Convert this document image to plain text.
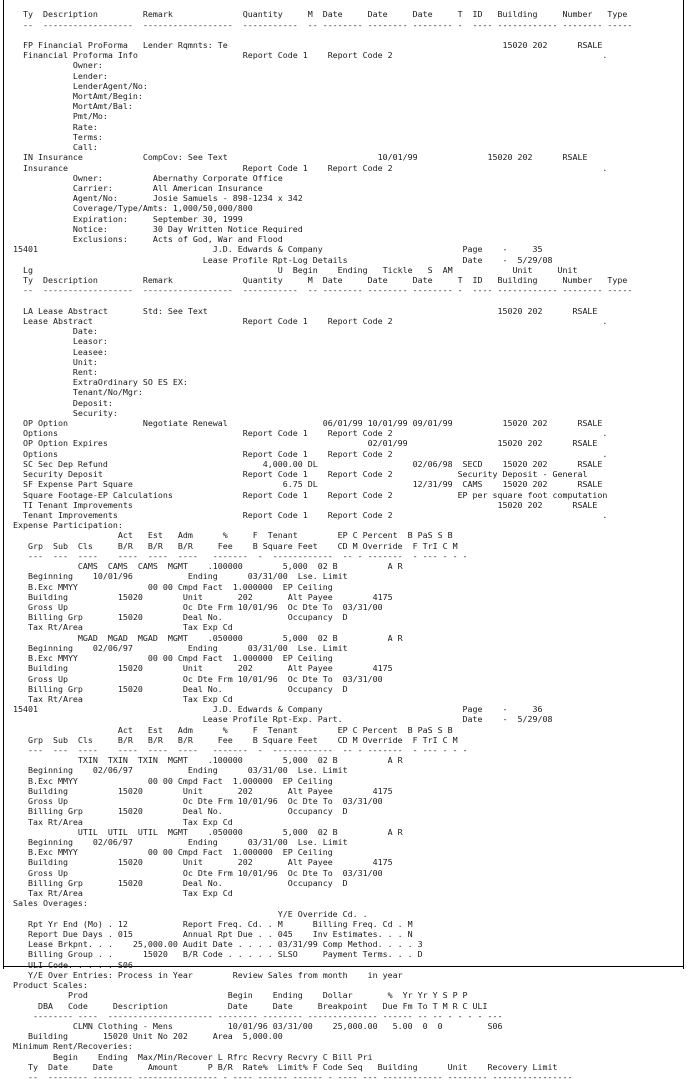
Ty  Description         Remark              Quantity     M  Date     Date     Date     T  ID   Building     Number   Type
--  ------------------  ------------------  -----------  -- -------- -------- -------- -  ---- ------------ -------- -----

FP Financial ProForma   Lender Rqmnts: Te                                                       15020 202      RSALE
Financial Proforma Info                     Report Code 1    Report Code 2                                          .
Owner:
Lender:
LenderAgent/No:
MortAmt/Begin:
MortAmt/Bal:
Pmt/Mo:
Rate:
Terms:
Call:
IN Insurance            CompCov: See Text                              10/01/99              15020 202      RSALE
Insurance                                   Report Code 1    Report Code 2                                          .
Owner:          Abernathy Corporate Office
Carrier:        All American Insurance
Agent/No:       Josie Samuels - 898-1234 x 342
Coverage/Type/Amts: 1,000/50,000/800
Expiration:     September 30, 1999
Notice:         30 Day Written Notice Required
Exclusions:     Acts of God, War and Flood
15401                                   J.D. Edwards & Company                            Page    -     35
Lease Profile Rpt-Log Details                       Date    -  5/29/08
Lg                                                 U  Begin    Ending   Tickle   S  AM            Unit     Unit
Ty  Description         Remark              Quantity     M  Date     Date     Date     T  ID   Building     Number   Type
--  ------------------  ------------------  -----------  -- -------- -------- -------- -  ---- ------------ -------- -----

LA Lease Abstract       Std: See Text                                                          15020 202      RSALE
Lease Abstract                              Report Code 1    Report Code 2                                          .
Date:
Leasor:
Leasee:
Unit:
Rent:
ExtraOrdinary SO ES EX:
Tenant/No/Mgr:
Deposit:
Security:
OP Option               Negotiate Renewal                   06/01/99 10/01/99 09/01/99          15020 202      RSALE
Options                                     Report Code 1    Report Code 2                                          .
OP Option Expires                                                    02/01/99                  15020 202      RSALE
Options                                     Report Code 1    Report Code 2                                          .
SC Sec Dep Refund                               4,000.00 DL                   02/06/98  SECD    15020 202      RSALE
Security Deposit                            Report Code 1    Report Code 2             Security Deposit - General
SF Expense Part Square                              6.75 DL                   12/31/99  CAMS    15020 202      RSALE
Square Footage-EP Calculations              Report Code 1    Report Code 2             EP per square foot computation
TI Tenant Improvements                                                                         15020 202      RSALE
Tenant Improvements                         Report Code 1    Report Code 2                                          .
Expense Participation:
Act   Est   Adm      %     F  Tenant        EP C Percent  B PaS S B
Grp  Sub  Cls     B/R   B/R   B/R     Fee    B Square Feet    CD M Override  F TrI C M
---  ---  ----    ----  ----  ----   -------  -  ------------  -- - -------  - --- - - -
CAMS  CAMS  CAMS  MGMT    .100000        5,000  02 B          A R
Beginning    10/01/96           Ending      03/31/00  Lse. Limit
B.Exc MMYY              00 00 Cmpd Fact  1.000000  EP Ceiling
Building          15020        Unit       202       Alt Payee        4175
Gross Up                       Oc Dte Frm 10/01/96  Oc Dte To  03/31/00
Billing Grp       15020        Deal No.             Occupancy  D
Tax Rt/Area                    Tax Exp Cd
MGAD  MGAD  MGAD  MGMT    .050000        5,000  02 B          A R
Beginning    02/06/97           Ending      03/31/00  Lse. Limit
B.Exc MMYY              00 00 Cmpd Fact  1.000000  EP Ceiling
Building          15020        Unit       202       Alt Payee        4175
Gross Up                       Oc Dte Frm 10/01/96  Oc Dte To  03/31/00
Billing Grp       15020        Deal No.             Occupancy  D
Tax Rt/Area                    Tax Exp Cd
15401                                   J.D. Edwards & Company                            Page    -     36
Lease Profile Rpt-Exp. Part.                        Date    -  5/29/08
Act   Est   Adm      %     F  Tenant        EP C Percent  B PaS S B
Grp  Sub  Cls     B/R   B/R   B/R     Fee    B Square Feet    CD M Override  F TrI C M
---  ---  ----    ----  ----  ----   -------  -  ------------  -- - -------  - --- - - -
TXIN  TXIN  TXIN  MGMT    .100000        5,000  02 B          A R
Beginning    02/06/97           Ending      03/31/00  Lse. Limit
B.Exc MMYY              00 00 Cmpd Fact  1.000000  EP Ceiling
Building          15020        Unit       202       Alt Payee        4175
Gross Up                       Oc Dte Frm 10/01/96  Oc Dte To  03/31/00
Billing Grp       15020        Deal No.             Occupancy  D
Tax Rt/Area                    Tax Exp Cd
UTIL  UTIL  UTIL  MGMT    .050000        5,000  02 B          A R
Beginning    02/06/97           Ending      03/31/00  Lse. Limit
B.Exc MMYY              00 00 Cmpd Fact  1.000000  EP Ceiling
Building          15020        Unit       202       Alt Payee        4175
Gross Up                       Oc Dte Frm 10/01/96  Oc Dte To  03/31/00
Billing Grp       15020        Deal No.             Occupancy  D
Tax Rt/Area                    Tax Exp Cd
Sales Overages:
Y/E Override Cd. .
Rpt Yr End (Mo) . 12           Report Freq. Cd. . M      Billing Freq. Cd . M
Report Due Days . 015          Annual Rpt Due . . 045    Inv Estimates. . . N
Lease Brkpnt. . .    25,000.00 Audit Date . . . . 03/31/99 Comp Method. . . . 3
Billing Group . .      15020   B/R Code . . . . . SLSO     Payment Terms. . . D
ULI Code. . . . . S06
Y/E Over Entries: Process in Year        Review Sales from month    in year
Product Scales:
Prod                            Begin    Ending    Dollar       %  Yr Yr Y S P P
DBA   Code     Description            Date     Date     Breakpoint   Due Fm To T M R C ULI
-------- ----  --------------------- -------- -------- -------------- ------ -- -- - - - - ---
CLMN Clothing - Mens           10/01/96 03/31/00    25,000.00   5.00  0  0         S06
Building       15020 Unit No 202     Area  5,000.00
Minimum Rent/Recoveries:
Begin    Ending  Max/Min/Recover L Rfrc Recvry Recvry C Bill Pri
Ty  Date     Date       Amount      P B/R  Rate%  Limit% F Code Seq   Building      Unit    Recovery Limit
--  -------- -------- ---------------- - ---- ------ ------ - ---- --- ------------ -------- ----------------
